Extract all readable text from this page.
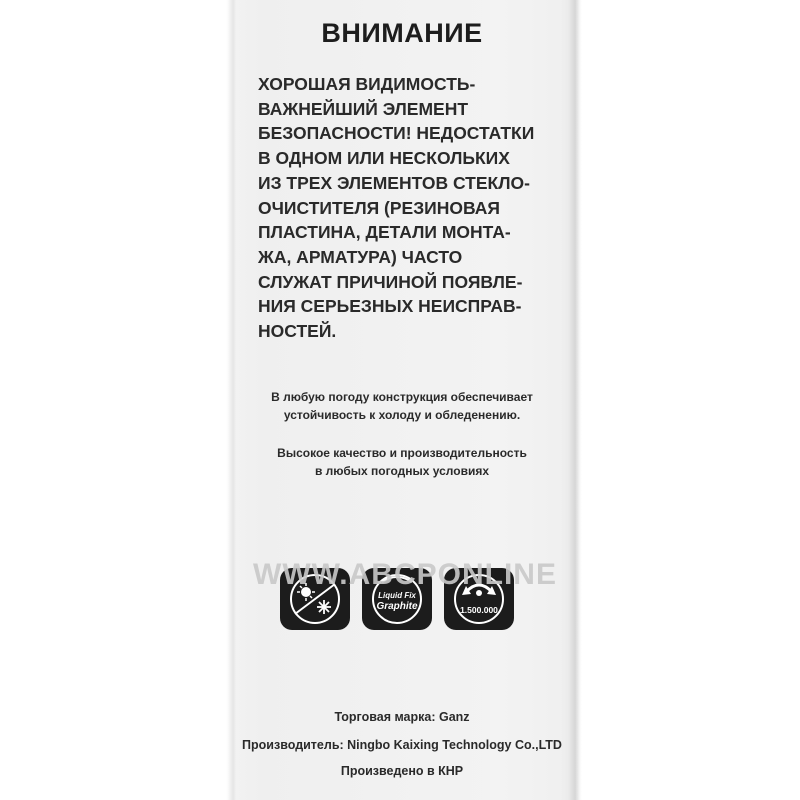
ВНИМАНИЕ
ХОРОШАЯ ВИДИМОСТЬ-
ВАЖНЕЙШИЙ ЭЛЕМЕНТ
БЕЗОПАСНОСТИ! НЕДОСТАТКИ
В ОДНОМ ИЛИ НЕСКОЛЬКИХ
ИЗ ТРЕХ ЭЛЕМЕНТОВ СТЕКЛО-
ОЧИСТИТЕЛЯ (РЕЗИНОВАЯ
ПЛАСТИНА, ДЕТАЛИ МОНТА-
ЖА, АРМАТУРА) ЧАСТО
СЛУЖАТ ПРИЧИНОЙ ПОЯВЛЕ-
НИЯ СЕРЬЕЗНЫХ НЕИСПРАВ-
НОСТЕЙ.
В любую погоду конструкция обеспечивает
устойчивость к холоду и обледенению.
Высокое качество и производительность
в любых погодных условиях
Liquid Fix
Graphite	1.500.000
WWW.ABCPONLINE
Торговая марка: Ganz
Производитель: Ningbo Kaixing Technology Co.,LTD
Произведено в КНР
